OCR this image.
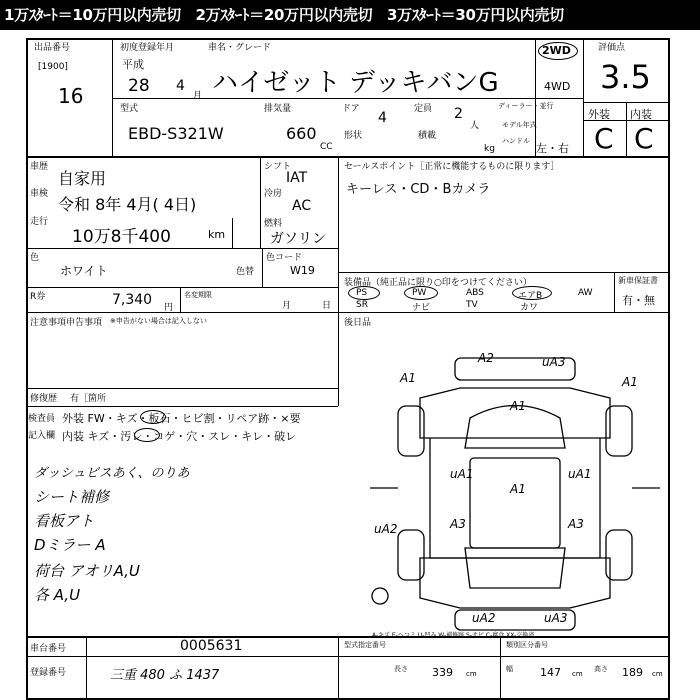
1万ｽﾀｰﾄ＝10万円以内売切　2万ｽﾀｰﾄ＝20万円以内売切　3万ｽﾀｰﾄ＝30万円以内売切
出品番号
[1900]
16
初度登録年月	車名・グレード
平成
28 4
月 ハイゼット デッキバンG
2WD
4WD
型式
EBD-S321W
排気量
660
CC
ドア
4
定員 2
人
形状	積載
kg
ディーラー・並行
モデル年式
ハンドル
左・右
評価点
3.5
外装 内装
C C
車歴
自家用
車検
令和 8年 4月( 4日)
走行
10万8千400	km
シフト
IAT
冷房
AC
燃料
ガソリン
色
ホワイト	色替
色コード
W19
R券	7,340 円
名変期限
月	日
注意事項申告事項 ※申告がない場合は記入しない
修復歴 有［箇所
セールスポイント［正常に機能するものに限ります］
キーレス・CD・Bカメラ
装備品（純正品に限り○印をつけてください）	新車保証書
有・無
PS	PW	ABS	エアB	AW
SR	ナビ	TV	カワ
後日品
検査員
記入欄
外装 FW・キズ・板石・ヒビ割・リペア跡・×要
内装 キズ・汚レ・コゲ・穴・スレ・キレ・破レ
ダッシュビスあく、のりあ
シート補修
看板アト
Dミラー A
荷台 アオリA,U
各 A,U
A2	uA3
A1	A1
A1
uA1
A1
A3	A3
uA1
uA2
uA2	uA3
車台番号	0005631
登録番号	三重 480 ふ 1437
型式指定番号	類別区分番号
長さ 339 cm
幅 147 cm
高さ 189 cm
